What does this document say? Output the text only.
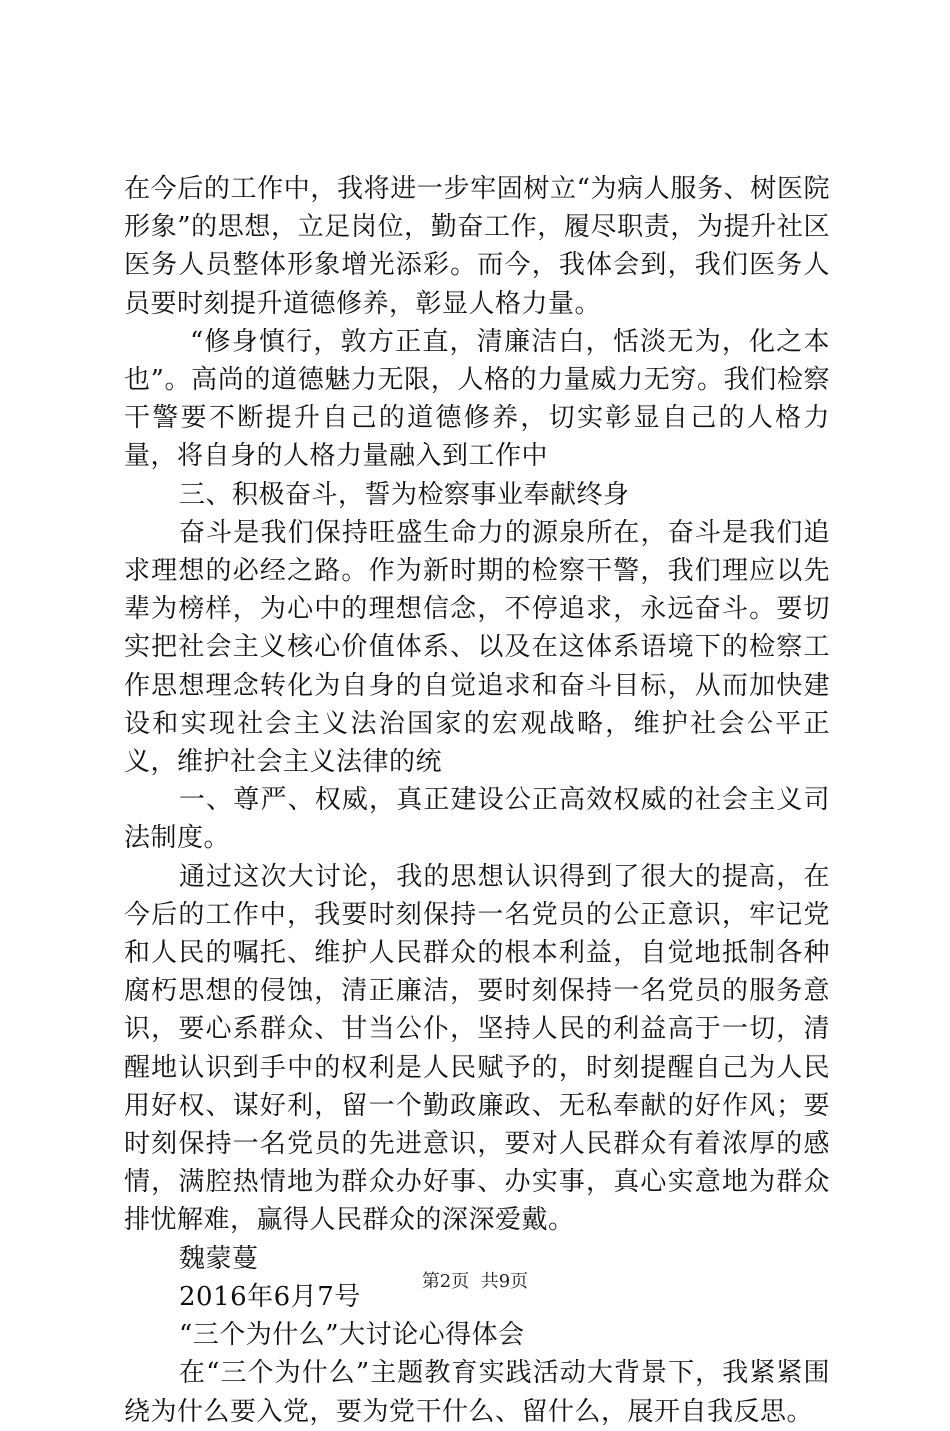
在今后的工作中，我将进一步牢固树立“为病人服务、树医院形象”的思想，立足岗位，勤奋工作，履尽职责，为提升社区医务人员整体形象增光添彩。而今，我体会到，我们医务人员要时刻提升道德修养，彰显人格力量。

“修身慎行，敦方正直，清廉洁白，恬淡无为，化之本也”。高尚的道德魅力无限，人格的力量威力无穷。我们检察干警要不断提升自己的道德修养，切实彰显自己的人格力量，将自身的人格力量融入到工作中

三、积极奋斗，誓为检察事业奉献终身

奋斗是我们保持旺盛生命力的源泉所在，奋斗是我们追求理想的必经之路。作为新时期的检察干警，我们理应以先辈为榜样，为心中的理想信念，不停追求，永远奋斗。要切实把社会主义核心价值体系、以及在这体系语境下的检察工作思想理念转化为自身的自觉追求和奋斗目标，从而加快建设和实现社会主义法治国家的宏观战略，维护社会公平正义，维护社会主义法律的统

一、尊严、权威，真正建设公正高效权威的社会主义司法制度。

通过这次大讨论，我的思想认识得到了很大的提高，在今后的工作中，我要时刻保持一名党员的公正意识，牢记党和人民的嘱托、维护人民群众的根本利益，自觉地抵制各种腐朽思想的侵蚀，清正廉洁，要时刻保持一名党员的服务意识，要心系群众、甘当公仆，坚持人民的利益高于一切，清醒地认识到手中的权利是人民赋予的，时刻提醒自己为人民用好权、谋好利，留一个勤政廉政、无私奉献的好作风；要时刻保持一名党员的先进意识，要对人民群众有着浓厚的感情，满腔热情地为群众办好事、办实事，真心实意地为群众排忧解难，赢得人民群众的深深爱戴。

魏蒙蔓

2016年6月7号

“三个为什么”大讨论心得体会

在“三个为什么”主题教育实践活动大背景下，我紧紧围绕为什么要入党，要为党干什么、留什么，展开自我反思。

第2页  共9页
